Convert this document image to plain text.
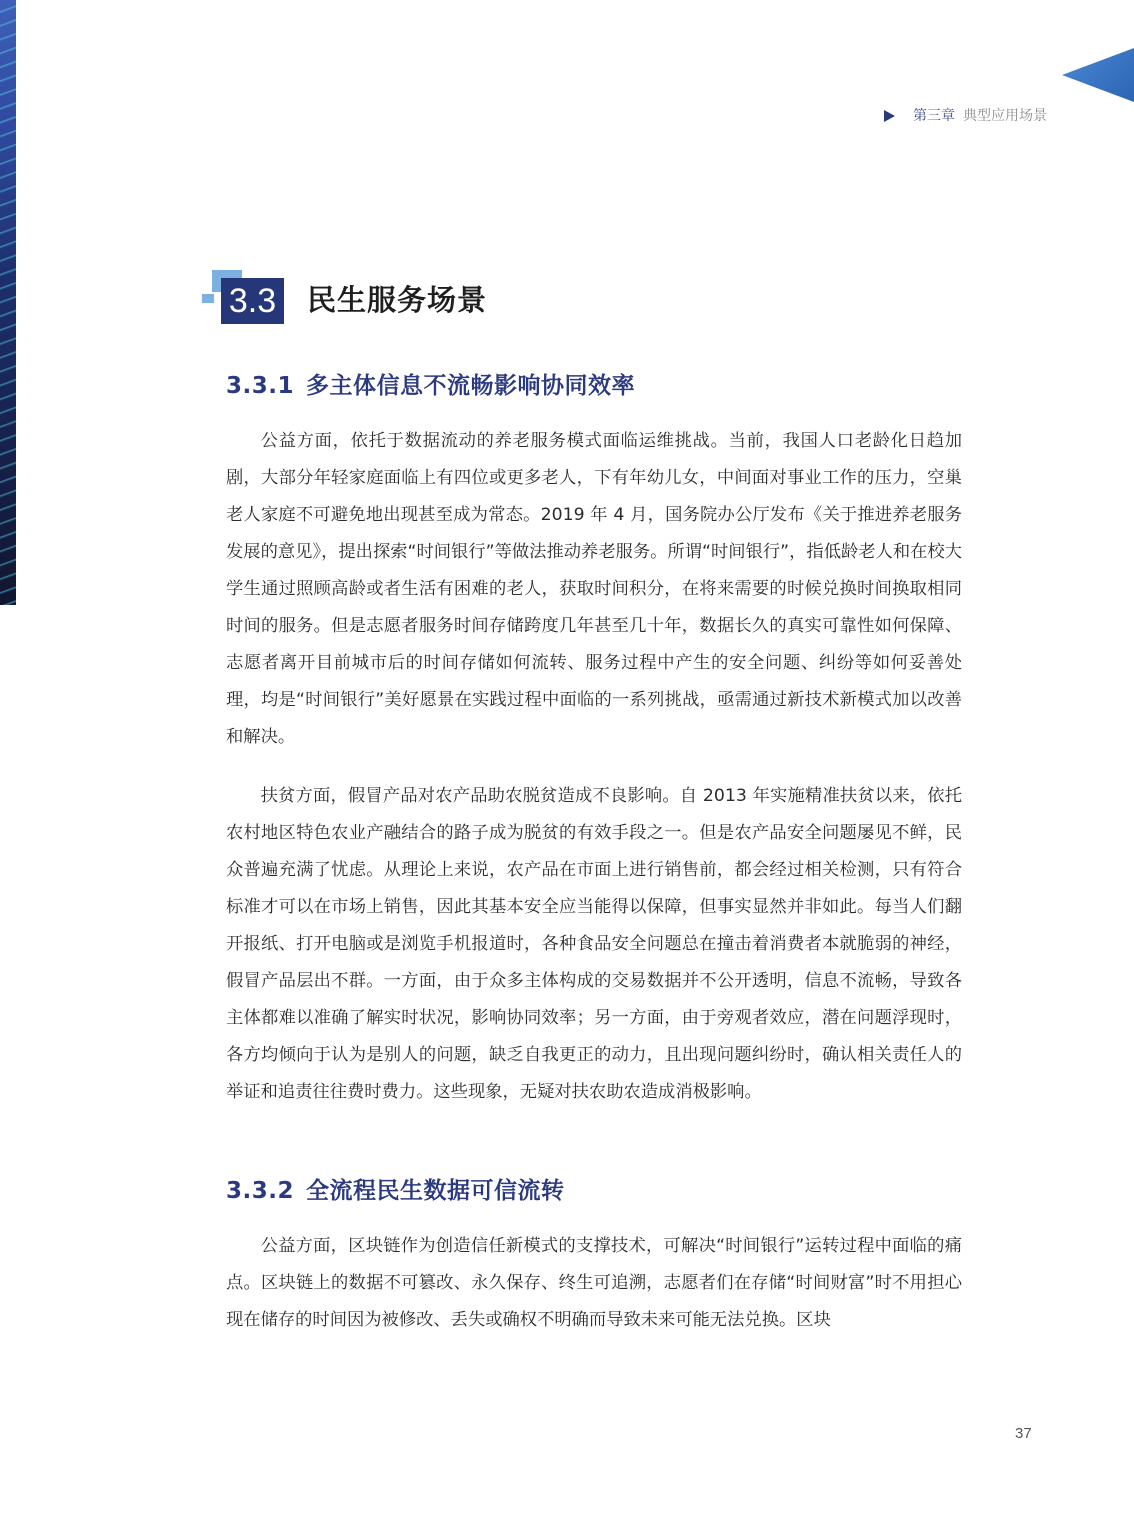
第三章 典型应用场景
3.3 民生服务场景
3.3.1 多主体信息不流畅影响协同效率

公益方面，依托于数据流动的养老服务模式面临运维挑战。当前，我国人口老龄化日趋加剧，大部分年轻家庭面临上有四位或更多老人，下有年幼儿女，中间面对事业工作的压力，空巢老人家庭不可避免地出现甚至成为常态。2019 年 4 月，国务院办公厅发布《关于推进养老服务发展的意见》，提出探索“时间银行”等做法推动养老服务。所谓“时间银行”，指低龄老人和在校大学生通过照顾高龄或者生活有困难的老人，获取时间积分，在将来需要的时候兑换时间换取相同时间的服务。但是志愿者服务时间存储跨度几年甚至几十年，数据长久的真实可靠性如何保障、志愿者离开目前城市后的时间存储如何流转、服务过程中产生的安全问题、纠纷等如何妥善处理，均是“时间银行”美好愿景在实践过程中面临的一系列挑战，亟需通过新技术新模式加以改善和解决。

扶贫方面，假冒产品对农产品助农脱贫造成不良影响。自 2013 年实施精准扶贫以来，依托农村地区特色农业产融结合的路子成为脱贫的有效手段之一。但是农产品安全问题屡见不鲜，民众普遍充满了忧虑。从理论上来说，农产品在市面上进行销售前，都会经过相关检测，只有符合标准才可以在市场上销售，因此其基本安全应当能得以保障，但事实显然并非如此。每当人们翻开报纸、打开电脑或是浏览手机报道时，各种食品安全问题总在撞击着消费者本就脆弱的神经，假冒产品层出不群。一方面，由于众多主体构成的交易数据并不公开透明，信息不流畅，导致各主体都难以准确了解实时状况，影响协同效率；另一方面，由于旁观者效应，潜在问题浮现时，各方均倾向于认为是别人的问题，缺乏自我更正的动力，且出现问题纠纷时，确认相关责任人的举证和追责往往费时费力。这些现象，无疑对扶农助农造成消极影响。

3.3.2 全流程民生数据可信流转

公益方面，区块链作为创造信任新模式的支撑技术，可解决“时间银行”运转过程中面临的痛点。区块链上的数据不可篡改、永久保存、终生可追溯，志愿者们在存储“时间财富”时不用担心现在储存的时间因为被修改、丢失或确权不明确而导致未来可能无法兑换。区块

37
